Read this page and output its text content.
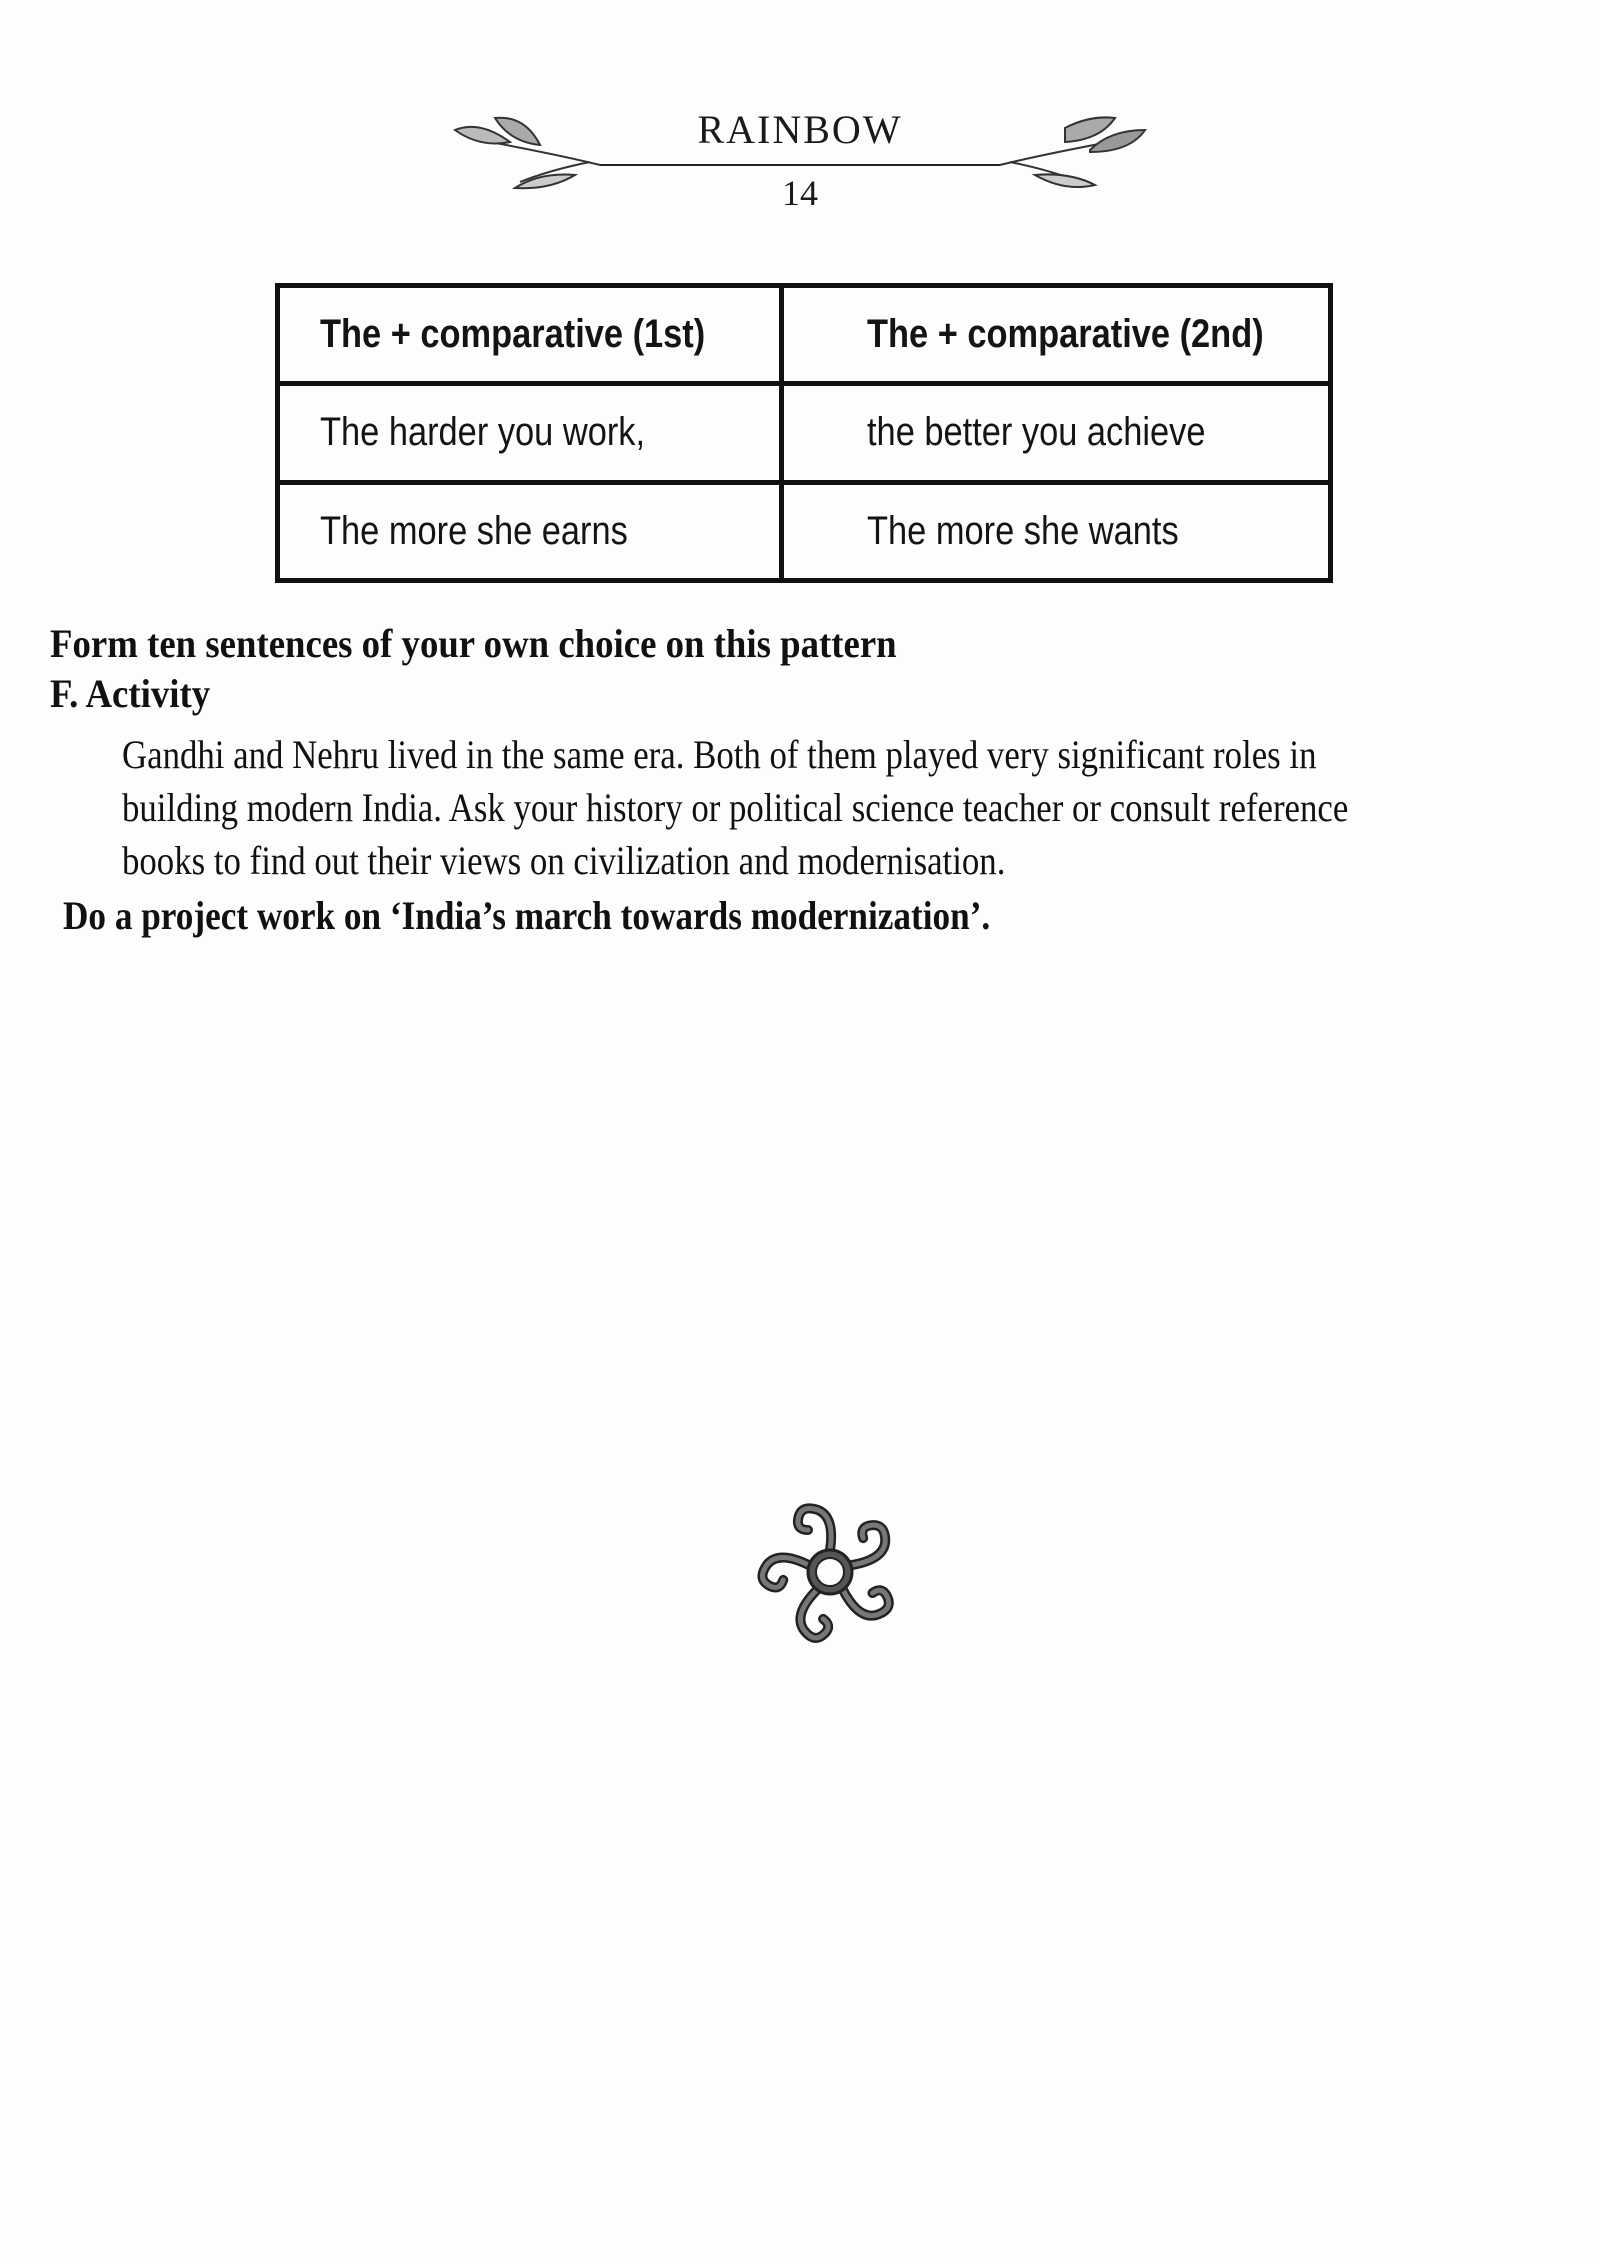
RAINBOW
14
The + comparative (1st)	The + comparative (2nd)
The harder you work,	the better you achieve
The more she earns	The more she wants
Form ten sentences of your own choice on this pattern
F. Activity
Gandhi and Nehru lived in the same era. Both of them played very significant roles in
building modern India. Ask your history or political science teacher or consult reference
books to find out their views on civilization and modernisation.
Do a project work on ‘India’s march towards modernization’.
